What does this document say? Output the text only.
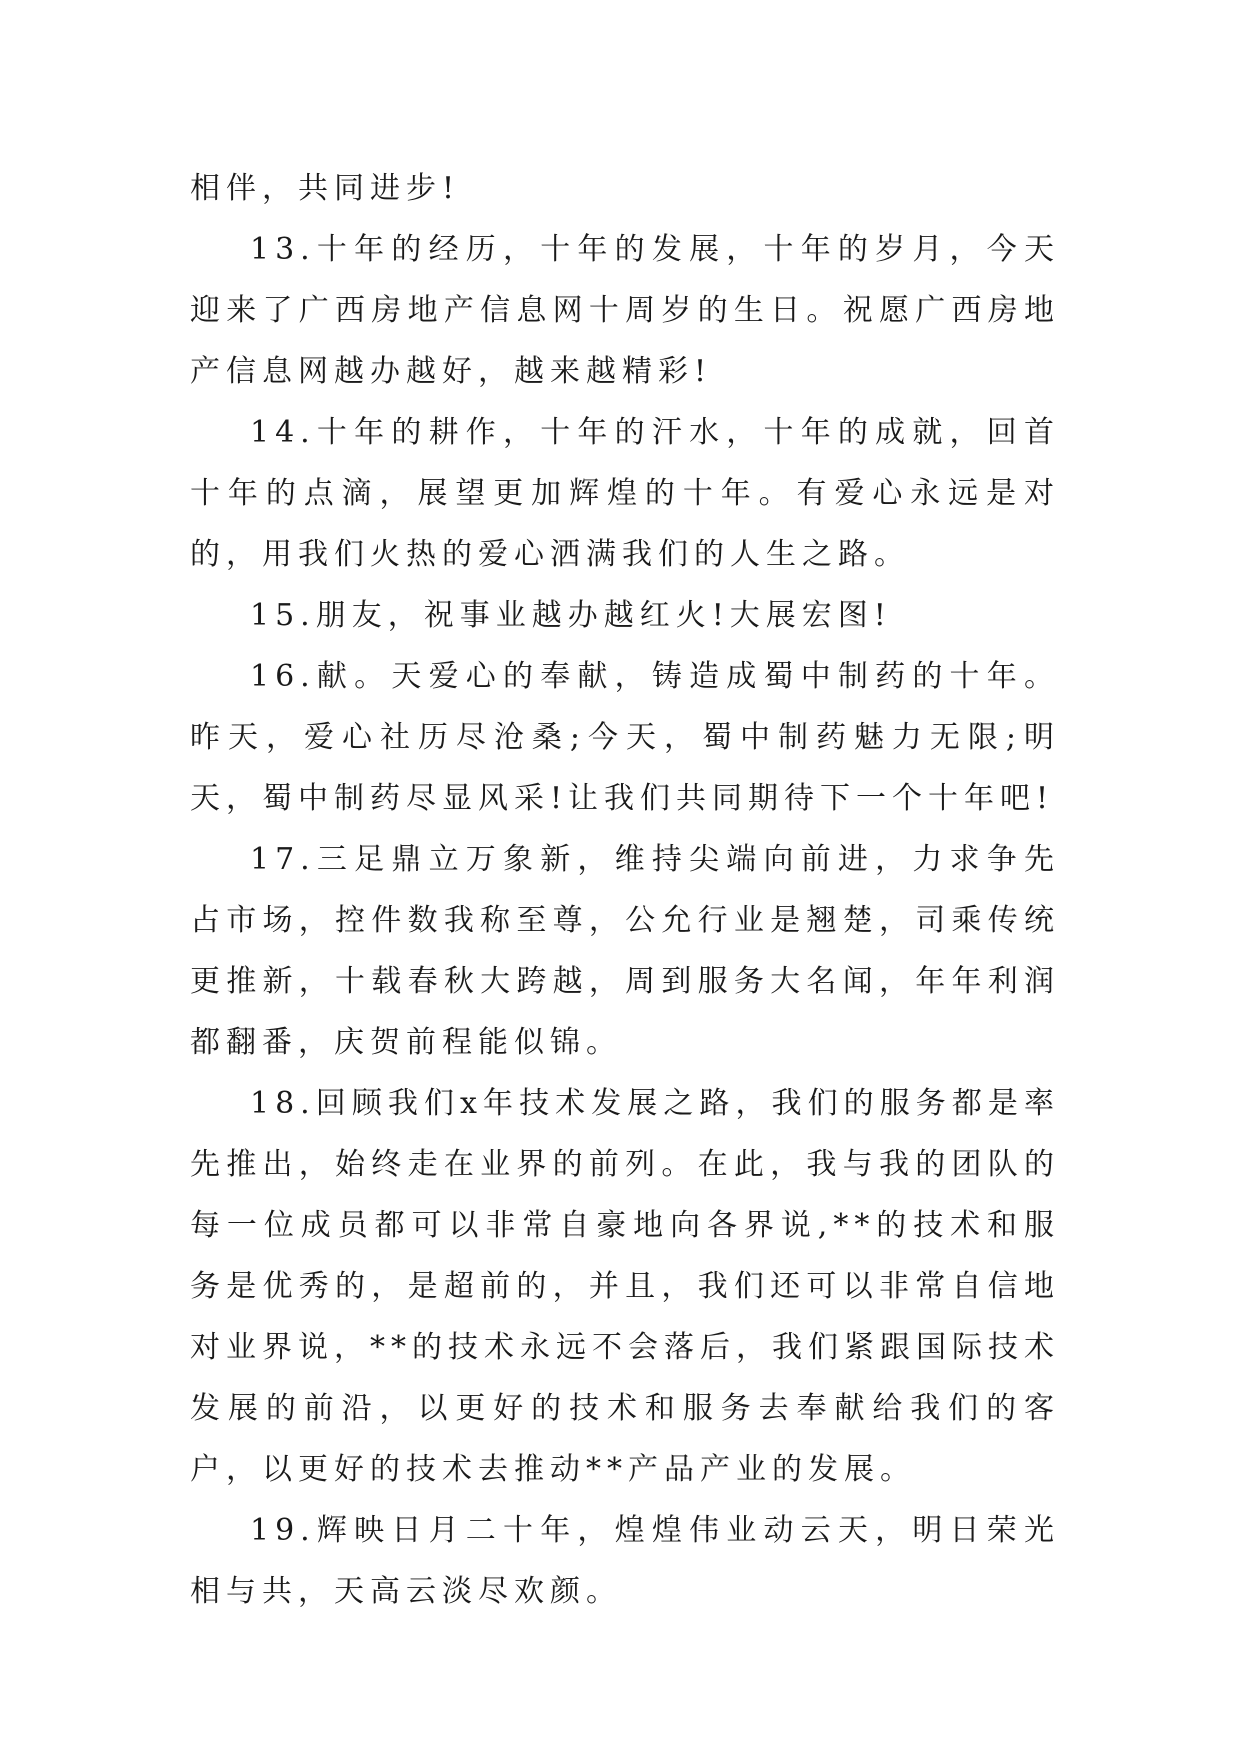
相伴，共同进步!

13.十年的经历，十年的发展，十年的岁月，今天迎来了广西房地产信息网十周岁的生日。祝愿广西房地产信息网越办越好，越来越精彩!

14.十年的耕作，十年的汗水，十年的成就，回首十年的点滴，展望更加辉煌的十年。有爱心永远是对的，用我们火热的爱心洒满我们的人生之路。

15.朋友，祝事业越办越红火!大展宏图!

16.献。天爱心的奉献，铸造成蜀中制药的十年。昨天，爱心社历尽沧桑;今天，蜀中制药魅力无限;明天，蜀中制药尽显风采!让我们共同期待下一个十年吧!

17.三足鼎立万象新，维持尖端向前进，力求争先占市场，控件数我称至尊，公允行业是翘楚，司乘传统更推新，十载春秋大跨越，周到服务大名闻，年年利润都翻番，庆贺前程能似锦。

18.回顾我们x年技术发展之路，我们的服务都是率先推出，始终走在业界的前列。在此，我与我的团队的每一位成员都可以非常自豪地向各界说,**的技术和服务是优秀的，是超前的，并且，我们还可以非常自信地对业界说，**的技术永远不会落后，我们紧跟国际技术发展的前沿，以更好的技术和服务去奉献给我们的客户，以更好的技术去推动**产品产业的发展。

19.辉映日月二十年，煌煌伟业动云天，明日荣光相与共，天高云淡尽欢颜。
